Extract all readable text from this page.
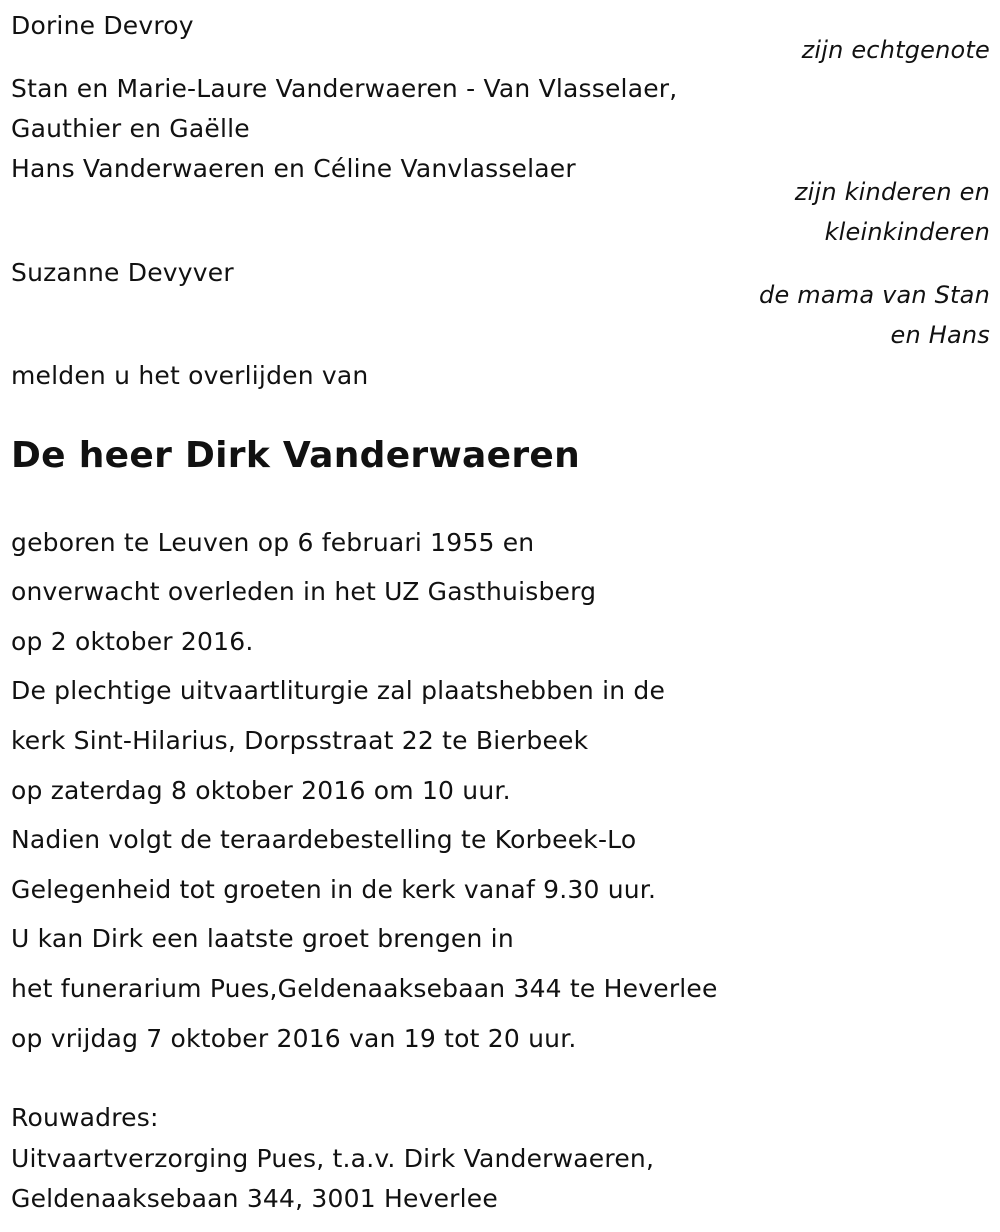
Dorine Devroy
zijn echtgenote
Stan en Marie-Laure Vanderwaeren - Van Vlasselaer,
Gauthier en Gaëlle
Hans Vanderwaeren en Céline Vanvlasselaer
zijn kinderen en
kleinkinderen
Suzanne Devyver
de mama van Stan
en Hans
melden u het overlijden van
De heer Dirk Vanderwaeren
geboren te Leuven op 6 februari 1955 en
onverwacht overleden in het UZ Gasthuisberg
op 2 oktober 2016.
De plechtige uitvaartliturgie zal plaatshebben in de
kerk Sint-Hilarius, Dorpsstraat 22 te Bierbeek
op zaterdag 8 oktober 2016 om 10 uur.
Nadien volgt de teraardebestelling te Korbeek-Lo
Gelegenheid tot groeten in de kerk vanaf 9.30 uur.
U kan Dirk een laatste groet brengen in
het funerarium Pues,Geldenaaksebaan 344 te Heverlee
op vrijdag 7 oktober 2016 van 19 tot 20 uur.
Rouwadres:
Uitvaartverzorging Pues, t.a.v. Dirk Vanderwaeren,
Geldenaaksebaan 344, 3001 Heverlee
